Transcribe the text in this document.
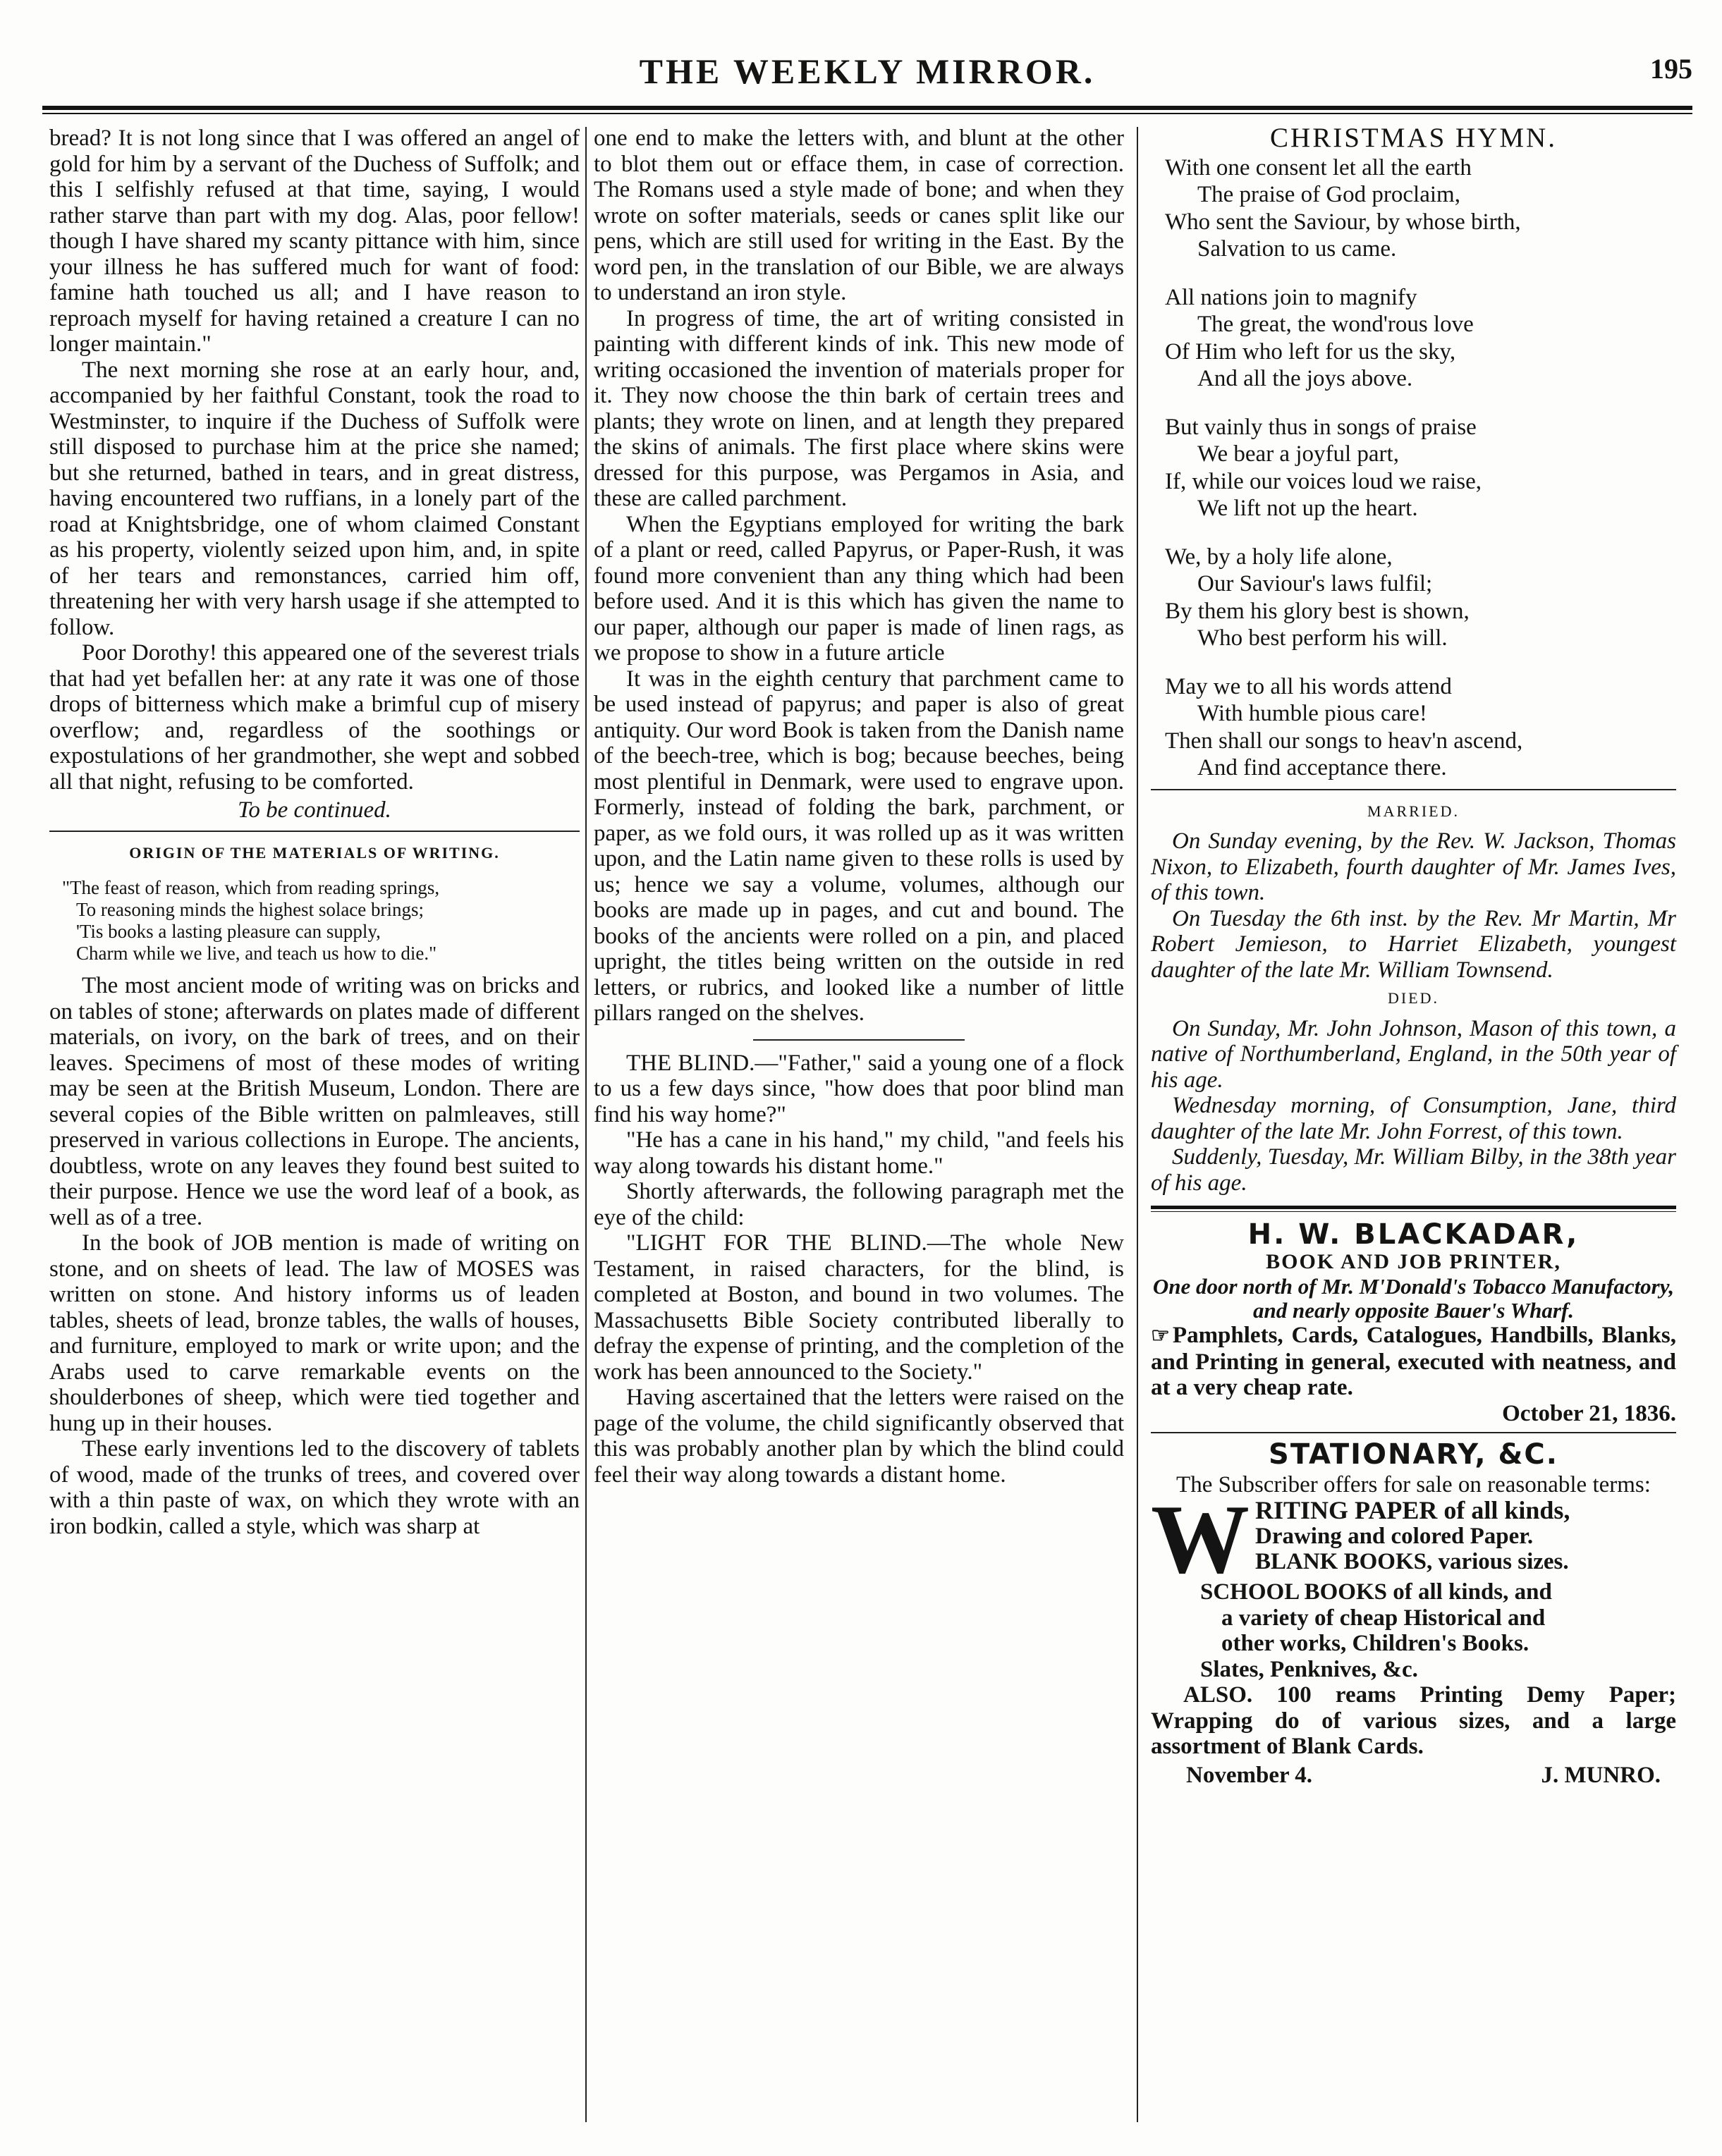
THE WEEKLY MIRROR.	195

bread? It is not long since that I was offered an angel of gold for him by a servant of the Duchess of Suffolk; and this I selfishly refused at that time, saying, I would rather starve than part with my dog. Alas, poor fellow! though I have shared my scanty pittance with him, since your illness he has suffered much for want of food: famine hath touched us all; and I have reason to reproach myself for having retained a creature I can no longer maintain."

The next morning she rose at an early hour, and, accompanied by her faithful Constant, took the road to Westminster, to inquire if the Duchess of Suffolk were still disposed to purchase him at the price she named; but she returned, bathed in tears, and in great distress, having encountered two ruffians, in a lonely part of the road at Knightsbridge, one of whom claimed Constant as his property, violently seized upon him, and, in spite of her tears and remonstances, carried him off, threatening her with very harsh usage if she attempted to follow.

Poor Dorothy! this appeared one of the severest trials that had yet befallen her: at any rate it was one of those drops of bitterness which make a brimful cup of misery overflow; and, regardless of the soothings or expostulations of her grandmother, she wept and sobbed all that night, refusing to be comforted.

To be continued.
ORIGIN OF THE MATERIALS OF WRITING.
"The feast of reason, which from reading springs,
To reasoning minds the highest solace brings;
'Tis books a lasting pleasure can supply,
Charm while we live, and teach us how to die."

The most ancient mode of writing was on bricks and on tables of stone; afterwards on plates made of different materials, on ivory, on the bark of trees, and on their leaves. Specimens of most of these modes of writing may be seen at the British Museum, London. There are several copies of the Bible written on palmleaves, still preserved in various collections in Europe. The ancients, doubtless, wrote on any leaves they found best suited to their purpose. Hence we use the word leaf of a book, as well as of a tree.

In the book of JOB mention is made of writing on stone, and on sheets of lead. The law of MOSES was written on stone. And history informs us of leaden tables, sheets of lead, bronze tables, the walls of houses, and furniture, employed to mark or write upon; and the Arabs used to carve remarkable events on the shoulderbones of sheep, which were tied together and hung up in their houses.

These early inventions led to the discovery of tablets of wood, made of the trunks of trees, and covered over with a thin paste of wax, on which they wrote with an iron bodkin, called a style, which was sharp at

one end to make the letters with, and blunt at the other to blot them out or efface them, in case of correction. The Romans used a style made of bone; and when they wrote on softer materials, seeds or canes split like our pens, which are still used for writing in the East. By the word pen, in the translation of our Bible, we are always to understand an iron style.

In progress of time, the art of writing consisted in painting with different kinds of ink. This new mode of writing occasioned the invention of materials proper for it. They now choose the thin bark of certain trees and plants; they wrote on linen, and at length they prepared the skins of animals. The first place where skins were dressed for this purpose, was Pergamos in Asia, and these are called parchment.

When the Egyptians employed for writing the bark of a plant or reed, called Papyrus, or Paper-Rush, it was found more convenient than any thing which had been before used. And it is this which has given the name to our paper, although our paper is made of linen rags, as we propose to show in a future article

It was in the eighth century that parchment came to be used instead of papyrus; and paper is also of great antiquity. Our word Book is taken from the Danish name of the beech-tree, which is bog; because beeches, being most plentiful in Denmark, were used to engrave upon. Formerly, instead of folding the bark, parchment, or paper, as we fold ours, it was rolled up as it was written upon, and the Latin name given to these rolls is used by us; hence we say a volume, volumes, although our books are made up in pages, and cut and bound. The books of the ancients were rolled on a pin, and placed upright, the titles being written on the outside in red letters, or rubrics, and looked like a number of little pillars ranged on the shelves.

THE BLIND.—"Father," said a young one of a flock to us a few days since, "how does that poor blind man find his way home?"

"He has a cane in his hand," my child, "and feels his way along towards his distant home."

Shortly afterwards, the following paragraph met the eye of the child:

"LIGHT FOR THE BLIND.—The whole New Testament, in raised characters, for the blind, is completed at Boston, and bound in two volumes. The Massachusetts Bible Society contributed liberally to defray the expense of printing, and the completion of the work has been announced to the Society."

Having ascertained that the letters were raised on the page of the volume, the child significantly observed that this was probably another plan by which the blind could feel their way along towards a distant home.

CHRISTMAS HYMN.
With one consent let all the earth
The praise of God proclaim,
Who sent the Saviour, by whose birth,
Salvation to us came.
All nations join to magnify
The great, the wond'rous love
Of Him who left for us the sky,
And all the joys above.
But vainly thus in songs of praise
We bear a joyful part,
If, while our voices loud we raise,
We lift not up the heart.
We, by a holy life alone,
Our Saviour's laws fulfil;
By them his glory best is shown,
Who best perform his will.
May we to all his words attend
With humble pious care!
Then shall our songs to heav'n ascend,
And find acceptance there.
MARRIED.

On Sunday evening, by the Rev. W. Jackson, Thomas Nixon, to Elizabeth, fourth daughter of Mr. James Ives, of this town.

On Tuesday the 6th inst. by the Rev. Mr Martin, Mr Robert Jemieson, to Harriet Elizabeth, youngest daughter of the late Mr. William Townsend.

DIED.

On Sunday, Mr. John Johnson, Mason of this town, a native of Northumberland, England, in the 50th year of his age.

Wednesday morning, of Consumption, Jane, third daughter of the late Mr. John Forrest, of this town.

Suddenly, Tuesday, Mr. William Bilby, in the 38th year of his age.

H. W. BLACKADAR,
BOOK AND JOB PRINTER,
One door north of Mr. M'Donald's Tobacco Manufactory, and nearly opposite Bauer's Wharf.

☞ Pamphlets, Cards, Catalogues, Handbills, Blanks, and Printing in general, executed with neatness, and at a very cheap rate.

October 21, 1836.
STATIONARY, &C.
The Subscriber offers for sale on reasonable terms:
W RITING PAPER of all kinds,
Drawing and colored Paper.
BLANK BOOKS, various sizes.
SCHOOL BOOKS of all kinds, and
a variety of cheap Historical and
other works, Children's Books.
Slates, Penknives, &c.

ALSO. 100 reams Printing Demy Paper; Wrapping do of various sizes, and a large assortment of Blank Cards.

November 4.	J. MUNRO.
